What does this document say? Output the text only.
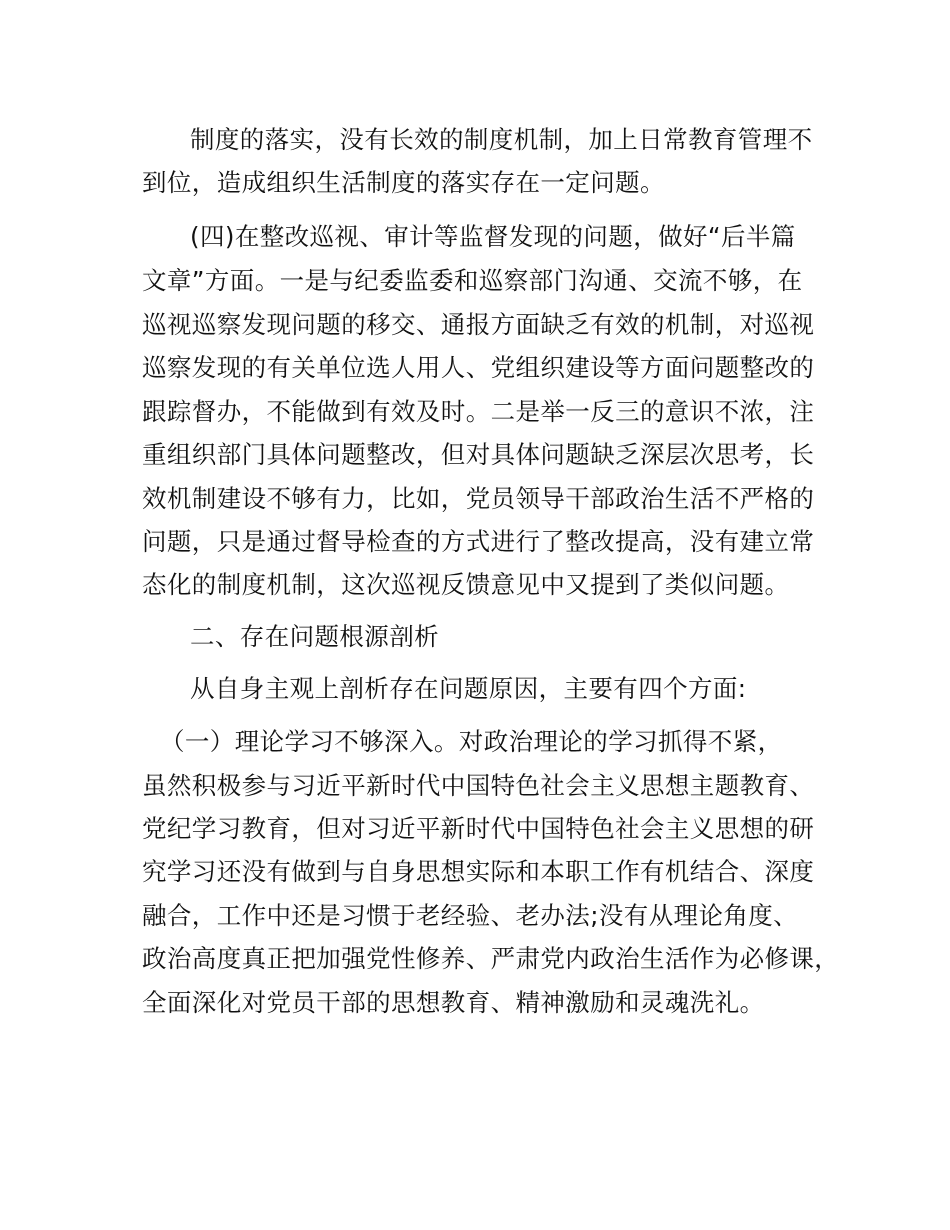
制度的落实，没有长效的制度机制，加上日常教育管理不
到位，造成组织生活制度的落实存在一定问题。
(四)在整改巡视、审计等监督发现的问题，做好“后半篇
文章”方面。一是与纪委监委和巡察部门沟通、交流不够，在
巡视巡察发现问题的移交、通报方面缺乏有效的机制，对巡视
巡察发现的有关单位选人用人、党组织建设等方面问题整改的
跟踪督办，不能做到有效及时。二是举一反三的意识不浓，注
重组织部门具体问题整改，但对具体问题缺乏深层次思考，长
效机制建设不够有力，比如，党员领导干部政治生活不严格的
问题，只是通过督导检查的方式进行了整改提高，没有建立常
态化的制度机制，这次巡视反馈意见中又提到了类似问题。
二、存在问题根源剖析
从自身主观上剖析存在问题原因，主要有四个方面:
（一）理论学习不够深入。对政治理论的学习抓得不紧，
虽然积极参与习近平新时代中国特色社会主义思想主题教育、
党纪学习教育，但对习近平新时代中国特色社会主义思想的研
究学习还没有做到与自身思想实际和本职工作有机结合、深度
融合，工作中还是习惯于老经验、老办法;没有从理论角度、
政治高度真正把加强党性修养、严肃党内政治生活作为必修课，
全面深化对党员干部的思想教育、精神激励和灵魂洗礼。
